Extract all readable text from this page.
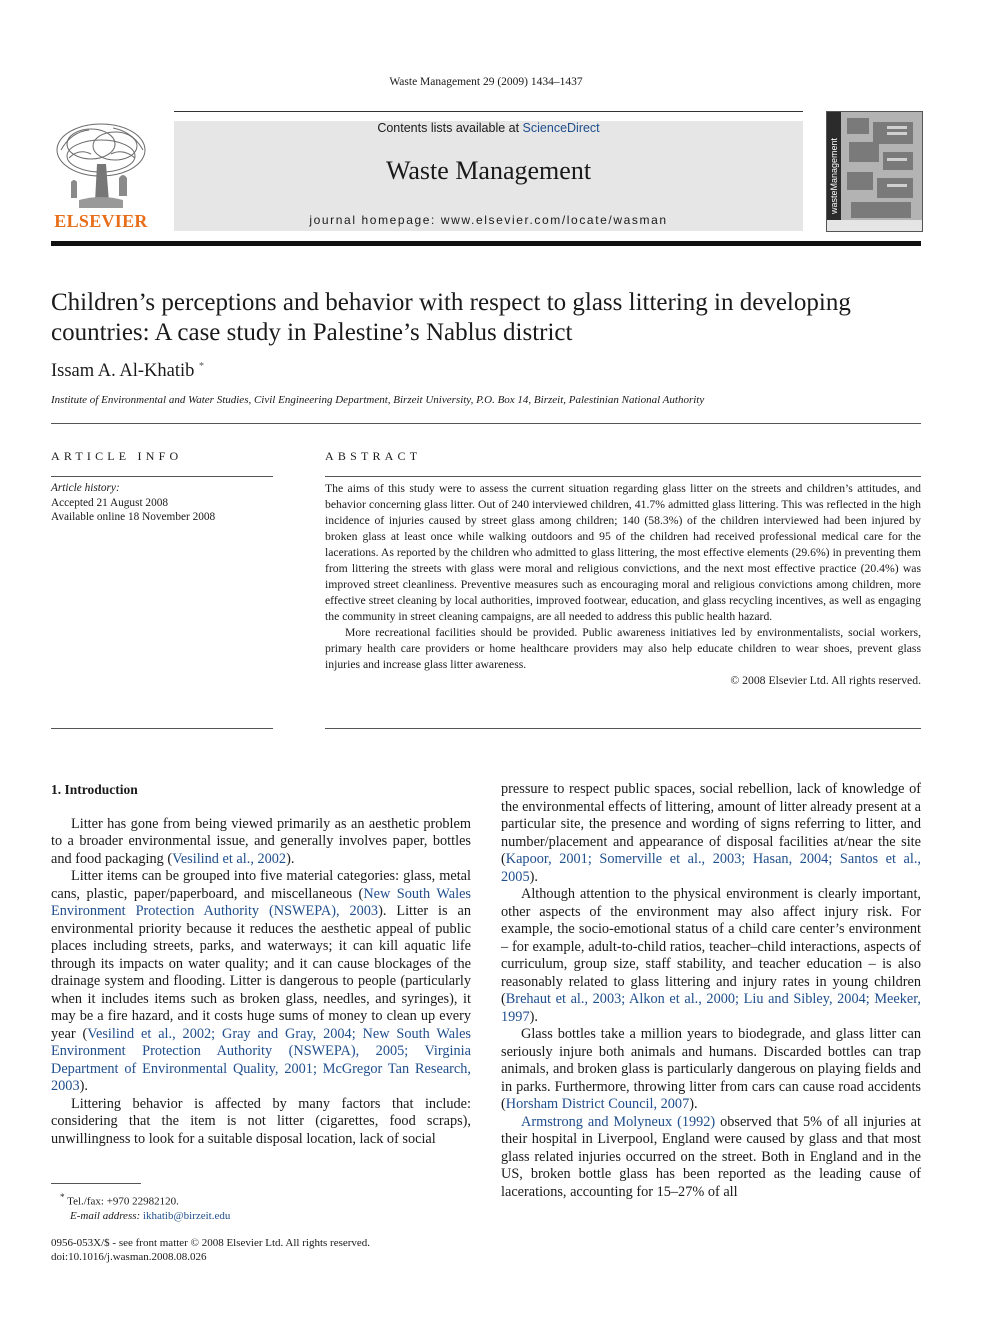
Waste Management 29 (2009) 1434–1437
ELSEVIER
Contents lists available at ScienceDirect
Waste Management
journal homepage: www.elsevier.com/locate/wasman
wasteManagement
Children’s perceptions and behavior with respect to glass littering in developing countries: A case study in Palestine’s Nablus district
Issam A. Al-Khatib *
Institute of Environmental and Water Studies, Civil Engineering Department, Birzeit University, P.O. Box 14, Birzeit, Palestinian National Authority
ARTICLE INFO	ABSTRACT
Article history:
Accepted 21 August 2008
Available online 18 November 2008

The aims of this study were to assess the current situation regarding glass litter on the streets and children’s attitudes, and behavior concerning glass litter. Out of 240 interviewed children, 41.7% admitted glass littering. This was reflected in the high incidence of injuries caused by street glass among children; 140 (58.3%) of the children interviewed had been injured by broken glass at least once while walking outdoors and 95 of the children had received professional medical care for the lacerations. As reported by the children who admitted to glass littering, the most effective elements (29.6%) in preventing them from littering the streets with glass were moral and religious convictions, and the next most effective practice (20.4%) was improved street cleanliness. Preventive measures such as encouraging moral and religious convictions among children, more effective street cleaning by local authorities, improved footwear, education, and glass recycling incentives, as well as engaging the community in street cleaning campaigns, are all needed to address this public health hazard.

More recreational facilities should be provided. Public awareness initiatives led by environmentalists, social workers, primary health care providers or home healthcare providers may also help educate children to wear shoes, prevent glass injuries and increase glass litter awareness.

© 2008 Elsevier Ltd. All rights reserved.

1. Introduction

Litter has gone from being viewed primarily as an aesthetic problem to a broader environmental issue, and generally involves paper, bottles and food packaging (Vesilind et al., 2002).

Litter items can be grouped into five material categories: glass, metal cans, plastic, paper/paperboard, and miscellaneous (New South Wales Environment Protection Authority (NSWEPA), 2003). Litter is an environmental priority because it reduces the aesthetic appeal of public places including streets, parks, and waterways; it can kill aquatic life through its impacts on water quality; and it can cause blockages of the drainage system and flooding. Litter is dangerous to people (particularly when it includes items such as broken glass, needles, and syringes), it may be a fire hazard, and it costs huge sums of money to clean up every year (Vesilind et al., 2002; Gray and Gray, 2004; New South Wales Environment Protection Authority (NSWEPA), 2005; Virginia Department of Environmental Quality, 2001; McGregor Tan Research, 2003).

Littering behavior is affected by many factors that include: considering that the item is not litter (cigarettes, food scraps), unwillingness to look for a suitable disposal location, lack of social

pressure to respect public spaces, social rebellion, lack of knowledge of the environmental effects of littering, amount of litter already present at a particular site, the presence and wording of signs referring to litter, and number/placement and appearance of disposal facilities at/near the site (Kapoor, 2001; Somerville et al., 2003; Hasan, 2004; Santos et al., 2005).

Although attention to the physical environment is clearly important, other aspects of the environment may also affect injury risk. For example, the socio-emotional status of a child care center’s environment – for example, adult-to-child ratios, teacher–child interactions, aspects of curriculum, group size, staff stability, and teacher education – is also reasonably related to glass littering and injury rates in young children (Brehaut et al., 2003; Alkon et al., 2000; Liu and Sibley, 2004; Meeker, 1997).

Glass bottles take a million years to biodegrade, and glass litter can seriously injure both animals and humans. Discarded bottles can trap animals, and broken glass is particularly dangerous on playing fields and in parks. Furthermore, throwing litter from cars can cause road accidents (Horsham District Council, 2007).

Armstrong and Molyneux (1992) observed that 5% of all injuries at their hospital in Liverpool, England were caused by glass and that most glass related injuries occurred on the street. Both in England and in the US, broken bottle glass has been reported as the leading cause of lacerations, accounting for 15–27% of all

* Tel./fax: +970 22982120.
E-mail address: ikhatib@birzeit.edu
0956-053X/$ - see front matter © 2008 Elsevier Ltd. All rights reserved.
doi:10.1016/j.wasman.2008.08.026
